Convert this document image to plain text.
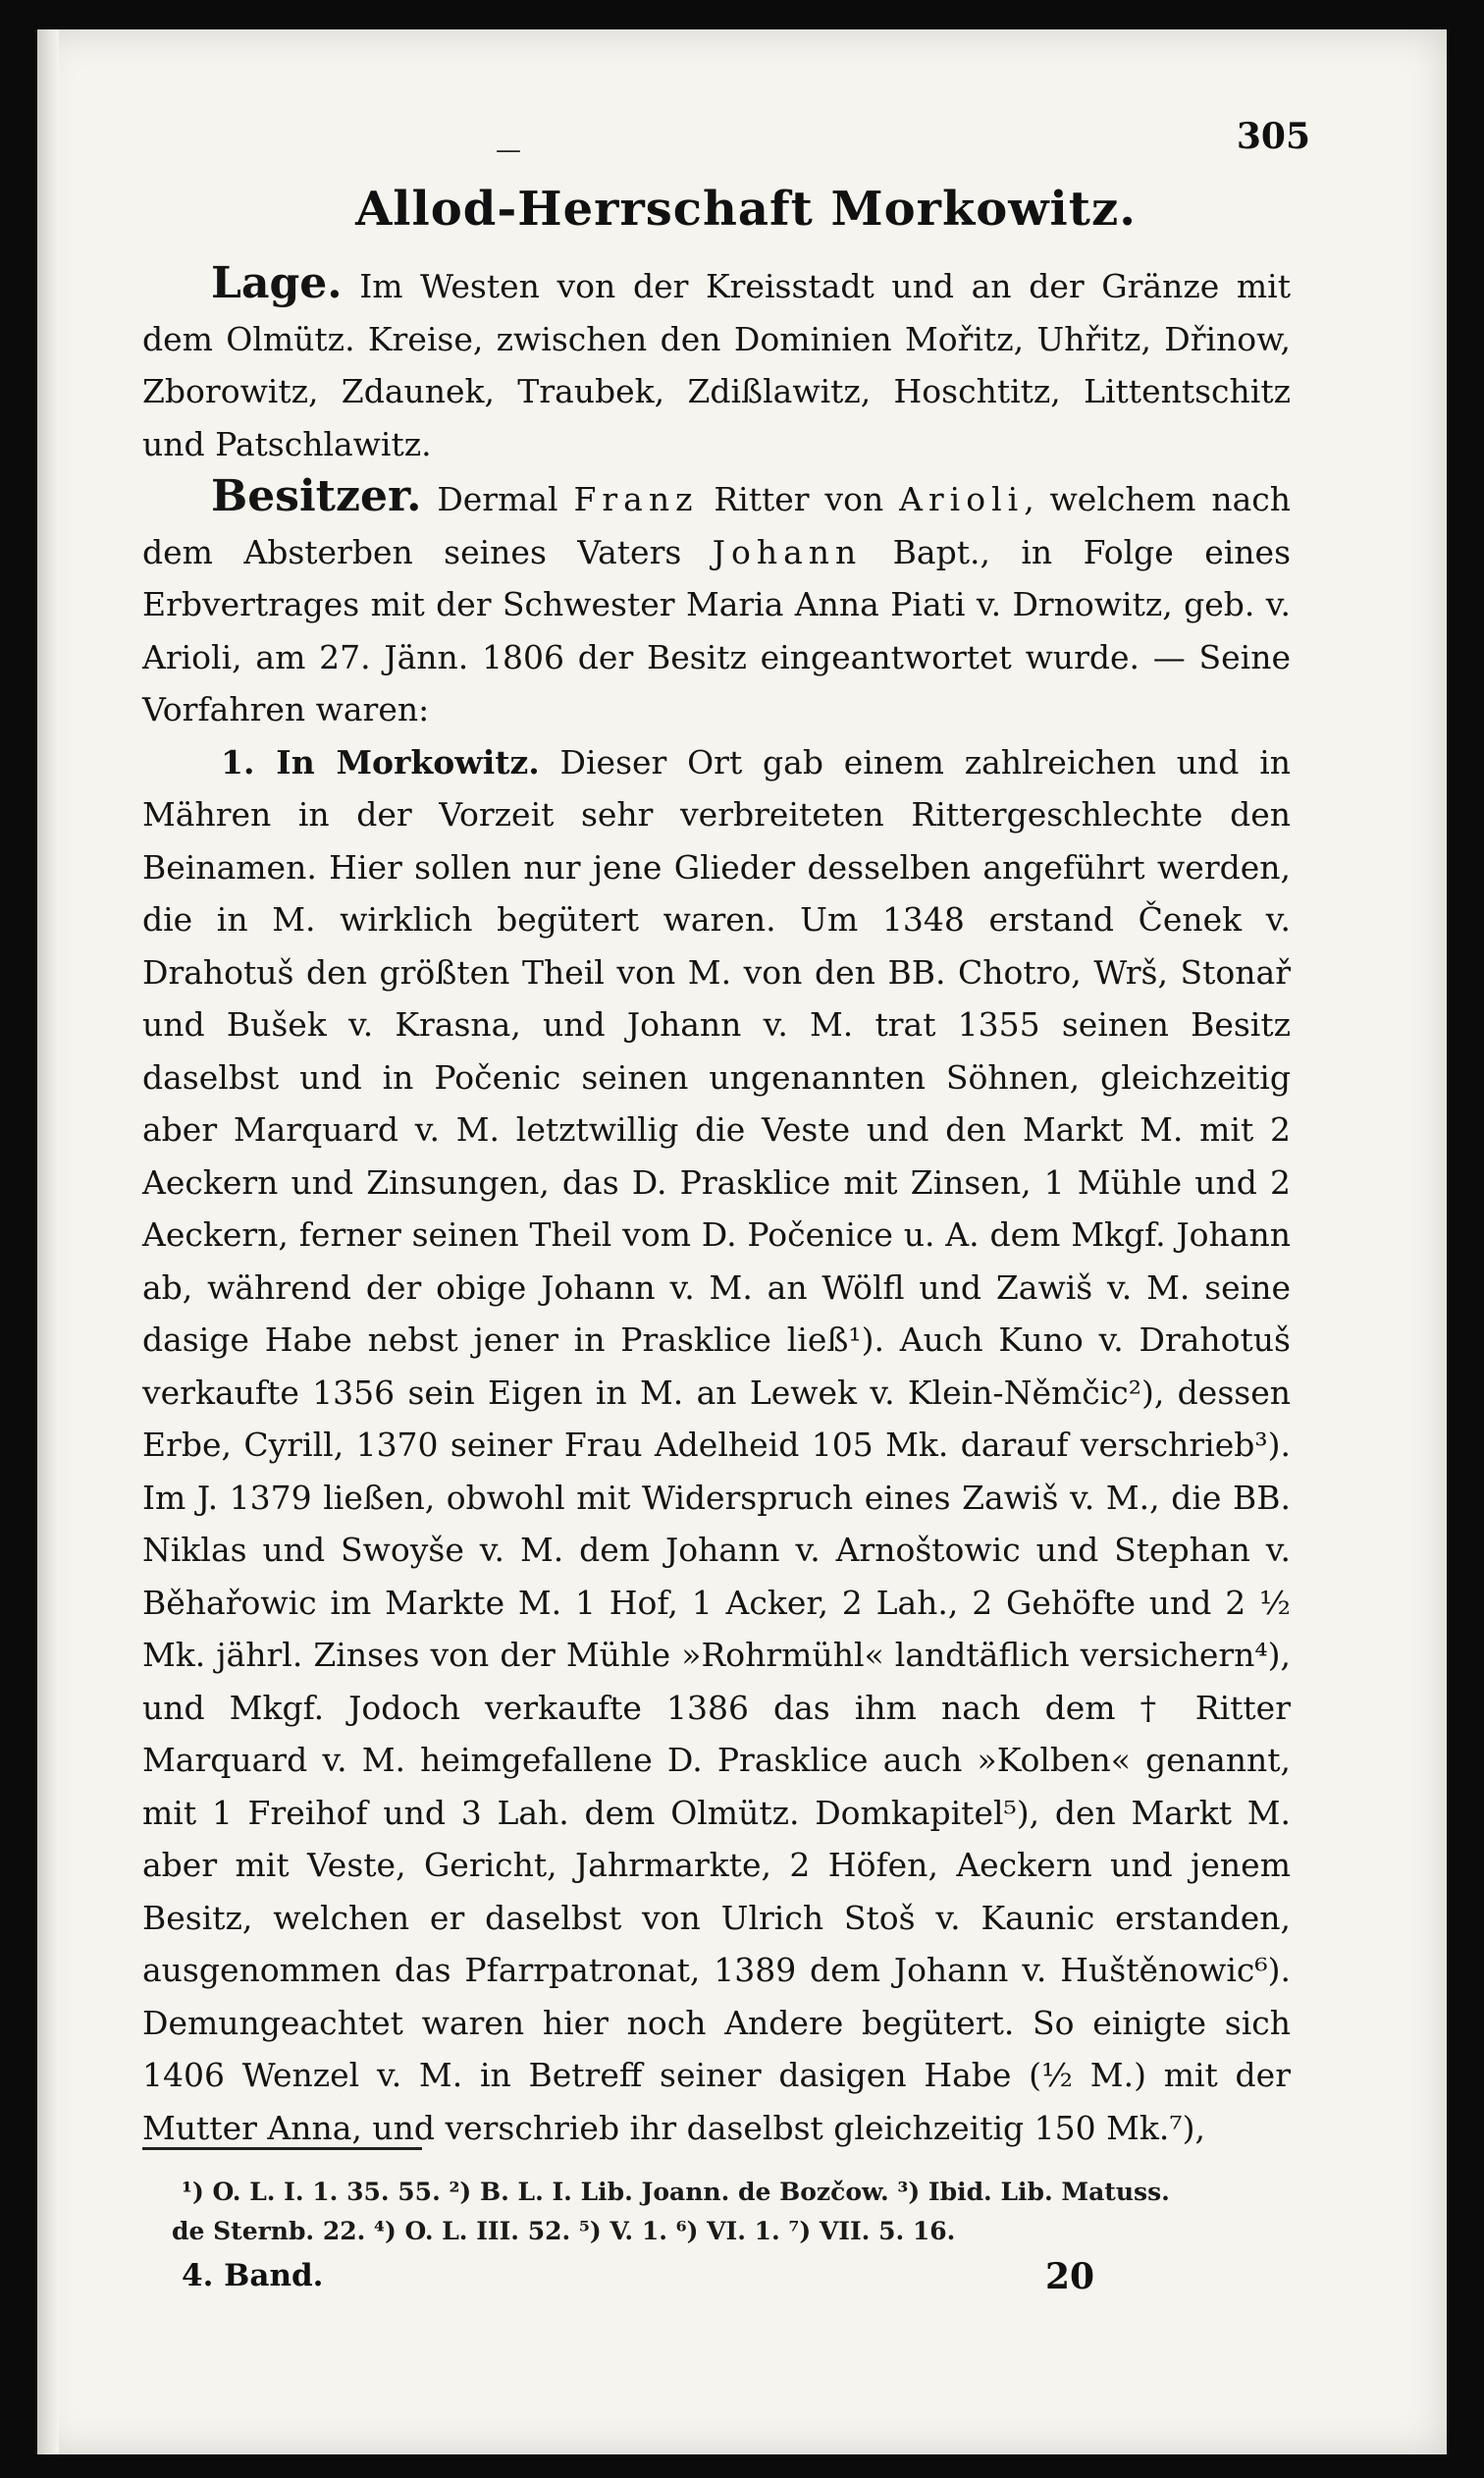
—	305
Allod-Herrschaft Morkowitz.

Lage. Im Westen von der Kreisstadt und an der Gränze mit dem Olmütz. Kreise, zwischen den Dominien Mořitz, Uhřitz, Dřinow, Zborowitz, Zdaunek, Traubek, Zdißlawitz, Hoschtitz, Littentschitz und Patschlawitz.

Besitzer. Dermal Franz Ritter von Arioli, welchem nach dem Absterben seines Vaters Johann Bapt., in Folge eines Erbvertrages mit der Schwester Maria Anna Piati v. Drnowitz, geb. v. Arioli, am 27. Jänn. 1806 der Besitz eingeantwortet wurde. — Seine Vorfahren waren:

1. In Morkowitz. Dieser Ort gab einem zahlreichen und in Mähren in der Vorzeit sehr verbreiteten Rittergeschlechte den Beinamen. Hier sollen nur jene Glieder desselben angeführt werden, die in M. wirklich begütert waren. Um 1348 erstand Čenek v. Drahotuš den größten Theil von M. von den BB. Chotro, Wrš, Stonař und Bušek v. Krasna, und Johann v. M. trat 1355 seinen Besitz daselbst und in Počenic seinen ungenannten Söhnen, gleichzeitig aber Marquard v. M. letztwillig die Veste und den Markt M. mit 2 Aeckern und Zinsungen, das D. Prasklice mit Zinsen, 1 Mühle und 2 Aeckern, ferner seinen Theil vom D. Počenice u. A. dem Mkgf. Johann ab, während der obige Johann v. M. an Wölfl und Zawiš v. M. seine dasige Habe nebst jener in Prasklice ließ¹). Auch Kuno v. Drahotuš verkaufte 1356 sein Eigen in M. an Lewek v. Klein-Němčic²), dessen Erbe, Cyrill, 1370 seiner Frau Adelheid 105 Mk. darauf verschrieb³). Im J. 1379 ließen, obwohl mit Widerspruch eines Zawiš v. M., die BB. Niklas und Swoyše v. M. dem Johann v. Arnoštowic und Stephan v. Běhařowic im Markte M. 1 Hof, 1 Acker, 2 Lah., 2 Gehöfte und 2 ½ Mk. jährl. Zinses von der Mühle »Rohrmühl« landtäflich versichern⁴), und Mkgf. Jodoch verkaufte 1386 das ihm nach dem † Ritter Marquard v. M. heimgefallene D. Prasklice auch »Kolben« genannt, mit 1 Freihof und 3 Lah. dem Olmütz. Domkapitel⁵), den Markt M. aber mit Veste, Gericht, Jahrmarkte, 2 Höfen, Aeckern und jenem Besitz, welchen er daselbst von Ulrich Stoš v. Kaunic erstanden, ausgenommen das Pfarrpatronat, 1389 dem Johann v. Huštěnowic⁶). Demungeachtet waren hier noch Andere begütert. So einigte sich 1406 Wenzel v. M. in Betreff seiner dasigen Habe (½ M.) mit der Mutter Anna, und verschrieb ihr daselbst gleichzeitig 150 Mk.⁷),

¹) O. L. I. 1. 35. 55. ²) B. L. I. Lib. Joann. de Bozčow. ³) Ibid. Lib. Matuss.
de Sternb. 22. ⁴) O. L. III. 52. ⁵) V. 1. ⁶) VI. 1. ⁷) VII. 5. 16.
4. Band.	20
